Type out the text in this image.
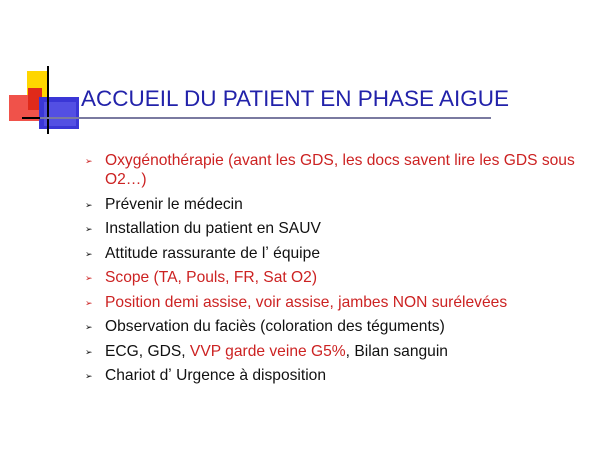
ACCUEIL DU PATIENT EN PHASE AIGUE
➢ Oxygénothérapie (avant les GDS, les docs savent lire les GDS sous O2…)
➢ Prévenir le médecin
➢ Installation du patient en SAUV
➢ Attitude rassurante de lʼ équipe
➢ Scope (TA, Pouls, FR, Sat O2)
➢ Position demi assise, voir assise, jambes NON surélevées
➢ Observation du faciès (coloration des téguments)
➢ ECG, GDS, VVP garde veine G5%, Bilan sanguin
➢ Chariot dʼ Urgence à disposition
